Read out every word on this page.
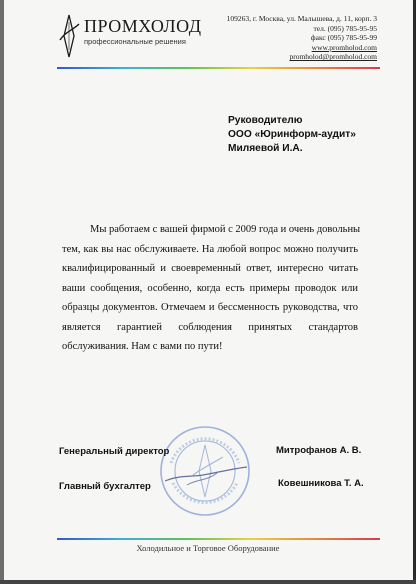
ПРОМХОЛОД
профессиональные решения
109263, г. Москва, ул. Малышева, д. 11, корп. 3
тел. (095) 785-95-95
факс (095) 785-95-99
www.promholod.com
promholod@promholod.com
Руководителю
ООО «Юринформ-аудит»
Миляевой И.А.
Мы работаем с вашей фирмой с 2009 года и очень довольны
тем, как вы нас обслуживаете. На любой вопрос можно получить
квалифицированный и своевременный ответ, интересно читать
ваши сообщения, особенно, когда есть примеры проводок или
образцы документов. Отмечаем и бессменность руководства, что
является гарантией соблюдения принятых стандартов
обслуживания. Нам с вами по пути!
Генеральный директор	Митрофанов А. В.
Главный бухгалтер	Ковешникова Т. А.
Холодильное и Торговое Оборудование
